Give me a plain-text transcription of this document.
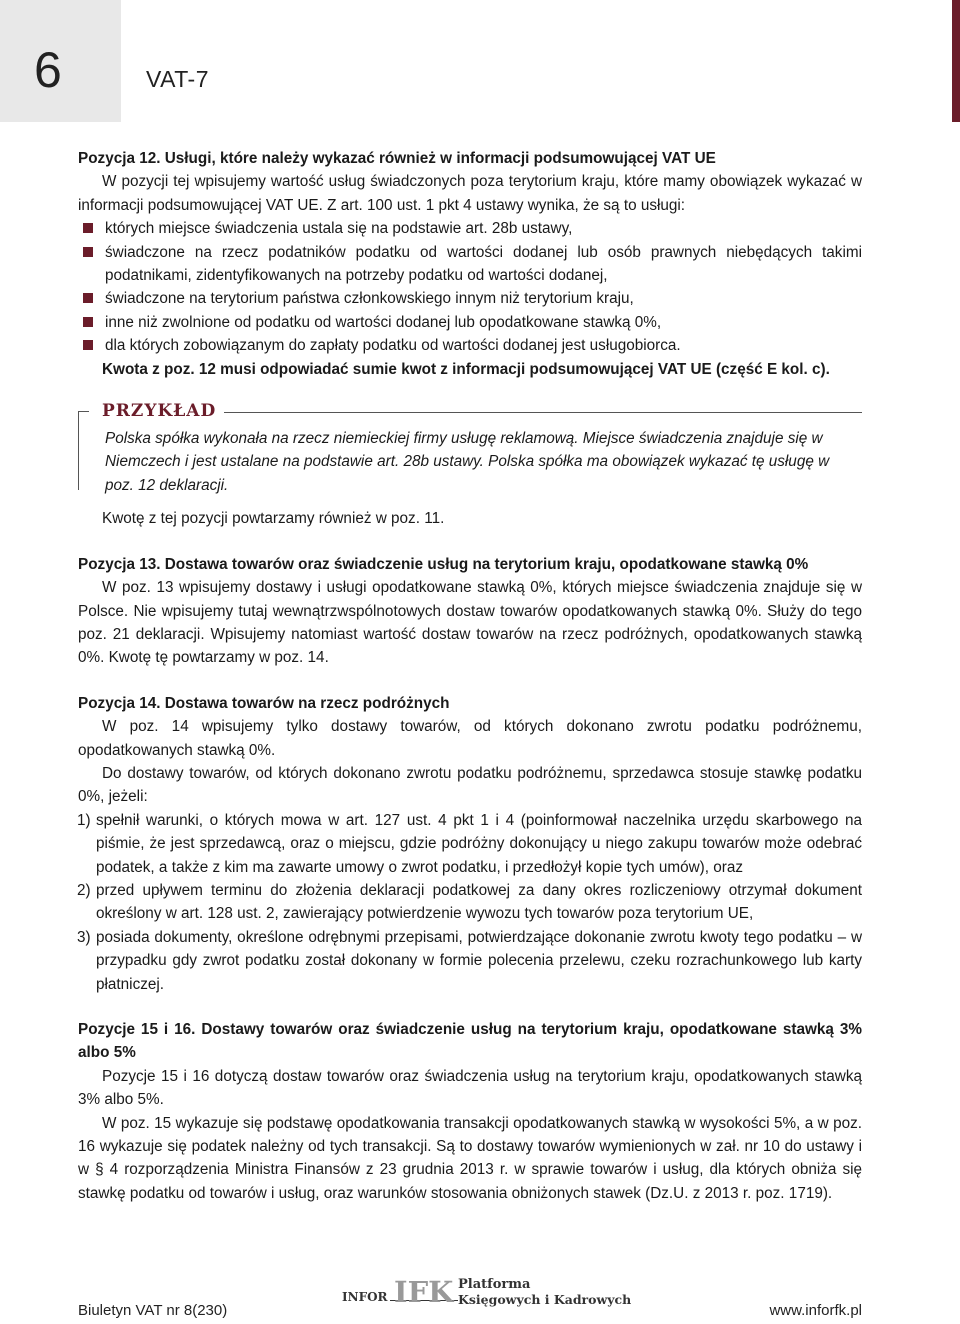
6	VAT-7

Pozycja 12. Usługi, które należy wykazać również w informacji podsumowującej VAT UE

W pozycji tej wpisujemy wartość usług świadczonych poza terytorium kraju, które mamy obowiązek wykazać w informacji podsumowującej VAT UE. Z art. 100 ust. 1 pkt 4 ustawy wynika, że są to usługi:

których miejsce świadczenia ustala się na podstawie art. 28b ustawy,
świadczone na rzecz podatników podatku od wartości dodanej lub osób prawnych niebędących takimi podatnikami, zidentyfikowanych na potrzeby podatku od wartości dodanej,
świadczone na terytorium państwa członkowskiego innym niż terytorium kraju,
inne niż zwolnione od podatku od wartości dodanej lub opodatkowane stawką 0%,
dla których zobowiązanym do zapłaty podatku od wartości dodanej jest usługobiorca.

Kwota z poz. 12 musi odpowiadać sumie kwot z informacji podsumowującej VAT UE (część E kol. c).

PRZYKŁAD

Polska spółka wykonała na rzecz niemieckiej firmy usługę reklamową. Miejsce świadczenia znajduje się w Niemczech i jest ustalane na podstawie art. 28b ustawy. Polska spółka ma obowiązek wykazać tę usługę w poz. 12 deklaracji.

Kwotę z tej pozycji powtarzamy również w poz. 11.

Pozycja 13. Dostawa towarów oraz świadczenie usług na terytorium kraju, opodatkowane stawką 0%

W poz. 13 wpisujemy dostawy i usługi opodatkowane stawką 0%, których miejsce świadczenia znajduje się w Polsce. Nie wpisujemy tutaj wewnątrzwspólnotowych dostaw towarów opodatkowanych stawką 0%. Służy do tego poz. 21 deklaracji. Wpisujemy natomiast wartość dostaw towarów na rzecz podróżnych, opodatkowanych stawką 0%. Kwotę tę powtarzamy w poz. 14.

Pozycja 14. Dostawa towarów na rzecz podróżnych

W poz. 14 wpisujemy tylko dostawy towarów, od których dokonano zwrotu podatku podróżnemu, opodatkowanych stawką 0%.

Do dostawy towarów, od których dokonano zwrotu podatku podróżnemu, sprzedawca stosuje stawkę podatku 0%, jeżeli:

1) spełnił warunki, o których mowa w art. 127 ust. 4 pkt 1 i 4 (poinformował naczelnika urzędu skarbowego na piśmie, że jest sprzedawcą, oraz o miejscu, gdzie podróżny dokonujący u niego zakupu towarów może odebrać podatek, a także z kim ma zawarte umowy o zwrot podatku, i przedłożył kopie tych umów), oraz
2) przed upływem terminu do złożenia deklaracji podatkowej za dany okres rozliczeniowy otrzymał dokument określony w art. 128 ust. 2, zawierający potwierdzenie wywozu tych towarów poza terytorium UE,
3) posiada dokumenty, określone odrębnymi przepisami, potwierdzające dokonanie zwrotu kwoty tego podatku – w przypadku gdy zwrot podatku został dokonany w formie polecenia przelewu, czeku rozrachunkowego lub karty płatniczej.

Pozycje 15 i 16. Dostawy towarów oraz świadczenie usług na terytorium kraju, opodatkowane stawką 3% albo 5%

Pozycje 15 i 16 dotyczą dostaw towarów oraz świadczenia usług na terytorium kraju, opodatkowanych stawką 3% albo 5%.

W poz. 15 wykazuje się podstawę opodatkowania transakcji opodatkowanych stawką w wysokości 5%, a w poz. 16 wykazuje się podatek należny od tych transakcji. Są to dostawy towarów wymienionych w zał. nr 10 do ustawy i w § 4 rozporządzenia Ministra Finansów z 23 grudnia 2013 r. w sprawie towarów i usług, dla których obniża się stawkę podatku od towarów i usług, oraz warunków stosowania obniżonych stawek (Dz.U. z 2013 r. poz. 1719).

Biuletyn VAT nr 8(230)
INFOR IFK Platforma
Księgowych i Kadrowych
www.inforfk.pl
